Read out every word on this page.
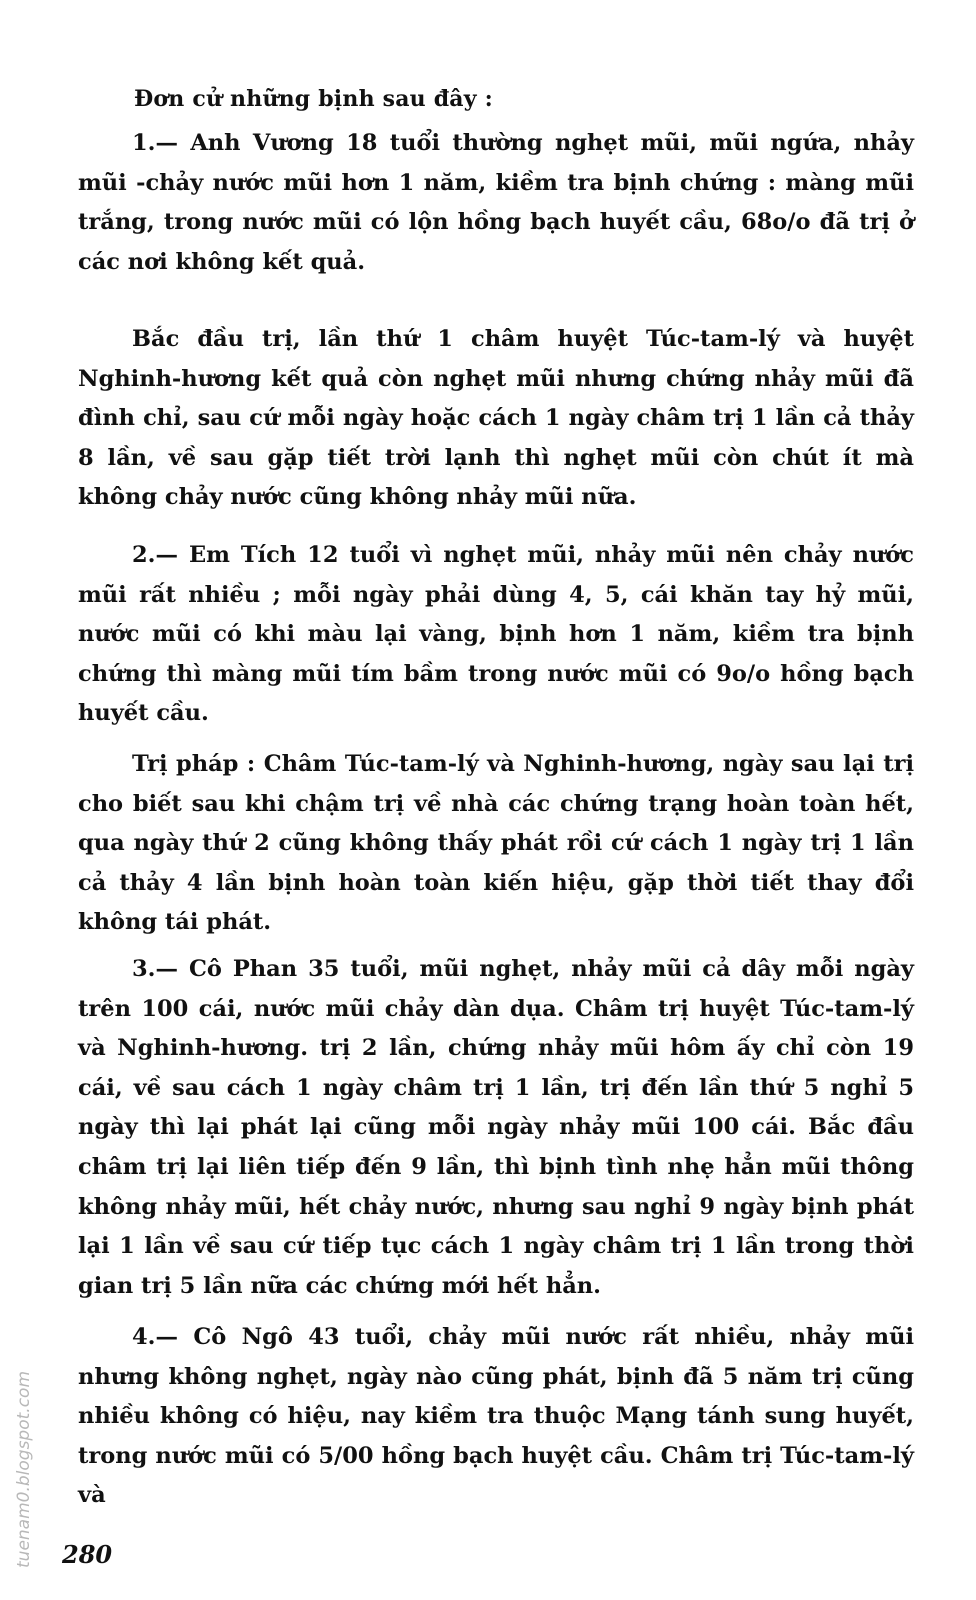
Đơn cử những bịnh sau đây :

1.— Anh Vương 18 tuổi thường nghẹt mũi, mũi ngứa, nhảy mũi -chảy nước mũi hơn 1 năm, kiềm tra bịnh chứng : màng mũi trắng, trong nước mũi có lộn hồng bạch huyết cầu, 68o/o đã trị ở các nơi không kết quả.

Bắc đầu trị, lần thứ 1 châm huyệt Túc-tam-lý và huyệt Nghinh-hương kết quả còn nghẹt mũi nhưng chứng nhảy mũi đã đình chỉ, sau cứ mỗi ngày hoặc cách 1 ngày châm trị 1 lần cả thảy 8 lần, về sau gặp tiết trời lạnh thì nghẹt mũi còn chút ít mà không chảy nước cũng không nhảy mũi nữa.

2.— Em Tích 12 tuổi vì nghẹt mũi, nhảy mũi nên chảy nước mũi rất nhiều ; mỗi ngày phải dùng 4, 5, cái khăn tay hỷ mũi, nước mũi có khi màu lại vàng, bịnh hơn 1 năm, kiềm tra bịnh chứng thì màng mũi tím bầm trong nước mũi có 9o/o hồng bạch huyết cầu.

Trị pháp : Châm Túc-tam-lý và Nghinh-hương, ngày sau lại trị cho biết sau khi chậm trị về nhà các chứng trạng hoàn toàn hết, qua ngày thứ 2 cũng không thấy phát rồi cứ cách 1 ngày trị 1 lần cả thảy 4 lần bịnh hoàn toàn kiến hiệu, gặp thời tiết thay đổi không tái phát.

3.— Cô Phan 35 tuổi, mũi nghẹt, nhảy mũi cả dây mỗi ngày trên 100 cái, nước mũi chảy dàn dụa. Châm trị huyệt Túc-tam-lý và Nghinh-hương. trị 2 lần, chứng nhảy mũi hôm ấy chỉ còn 19 cái, về sau cách 1 ngày châm trị 1 lần, trị đến lần thứ 5 nghỉ 5 ngày thì lại phát lại cũng mỗi ngày nhảy mũi 100 cái. Bắc đầu châm trị lại liên tiếp đến 9 lần, thì bịnh tình nhẹ hẳn mũi thông không nhảy mũi, hết chảy nước, nhưng sau nghỉ 9 ngày bịnh phát lại 1 lần về sau cứ tiếp tục cách 1 ngày châm trị 1 lần trong thời gian trị 5 lần nữa các chứng mới hết hẳn.

4.— Cô Ngô 43 tuổi, chảy mũi nước rất nhiều, nhảy mũi nhưng không nghẹt, ngày nào cũng phát, bịnh đã 5 năm trị cũng nhiều không có hiệu, nay kiềm tra thuộc Mạng tánh sung huyết, trong nước mũi có 5/00 hồng bạch huyệt cầu. Châm trị Túc-tam-lý và

280
tuenam0.blogspot.com
